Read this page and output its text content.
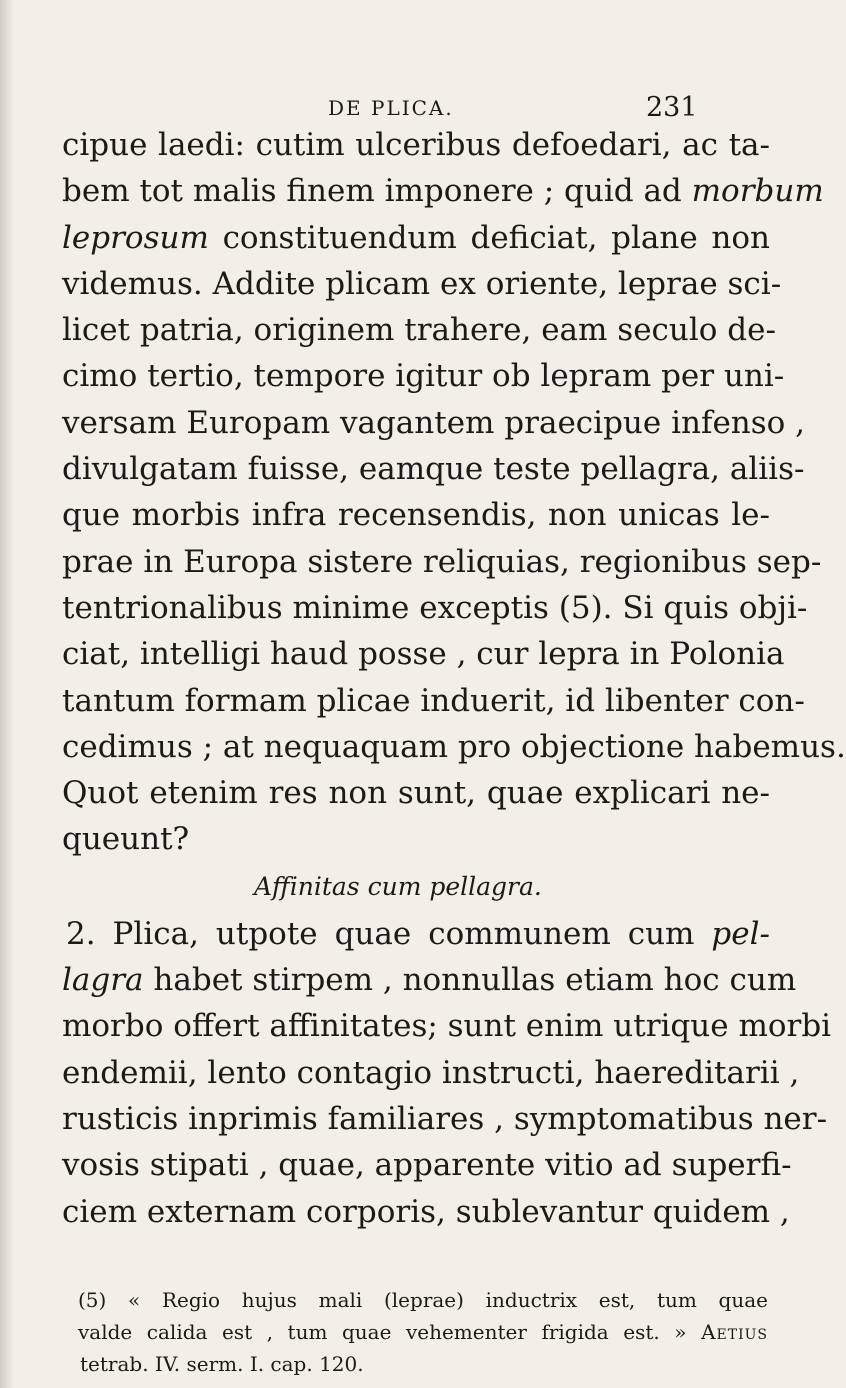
DE PLICA.	231
cipue laedi: cutim ulceribus defoedari, ac ta-
bem tot malis finem imponere ; quid ad morbum
leprosum constituendum deficiat, plane non
videmus. Addite plicam ex oriente, leprae sci-
licet patria, originem trahere, eam seculo de-
cimo tertio, tempore igitur ob lepram per uni-
versam Europam vagantem praecipue infenso ,
divulgatam fuisse, eamque teste pellagra, aliis-
que morbis infra recensendis, non unicas le-
prae in Europa sistere reliquias, regionibus sep-
tentrionalibus minime exceptis (5). Si quis obji-
ciat, intelligi haud posse , cur lepra in Polonia
tantum formam plicae induerit, id libenter con-
cedimus ; at nequaquam pro objectione habemus.
Quot etenim res non sunt, quae explicari ne-
queunt?
Affinitas cum pellagra.
2. Plica, utpote quae communem cum pel-
lagra habet stirpem , nonnullas etiam hoc cum
morbo offert affinitates; sunt enim utrique morbi
endemii, lento contagio instructi, haereditarii ,
rusticis inprimis familiares , symptomatibus ner-
vosis stipati , quae, apparente vitio ad superfi-
ciem externam corporis, sublevantur quidem ,
(5) « Regio hujus mali (leprae) inductrix est, tum quae
valde calida est , tum quae vehementer frigida est. » Aetius
tetrab. IV. serm. I. cap. 120.
